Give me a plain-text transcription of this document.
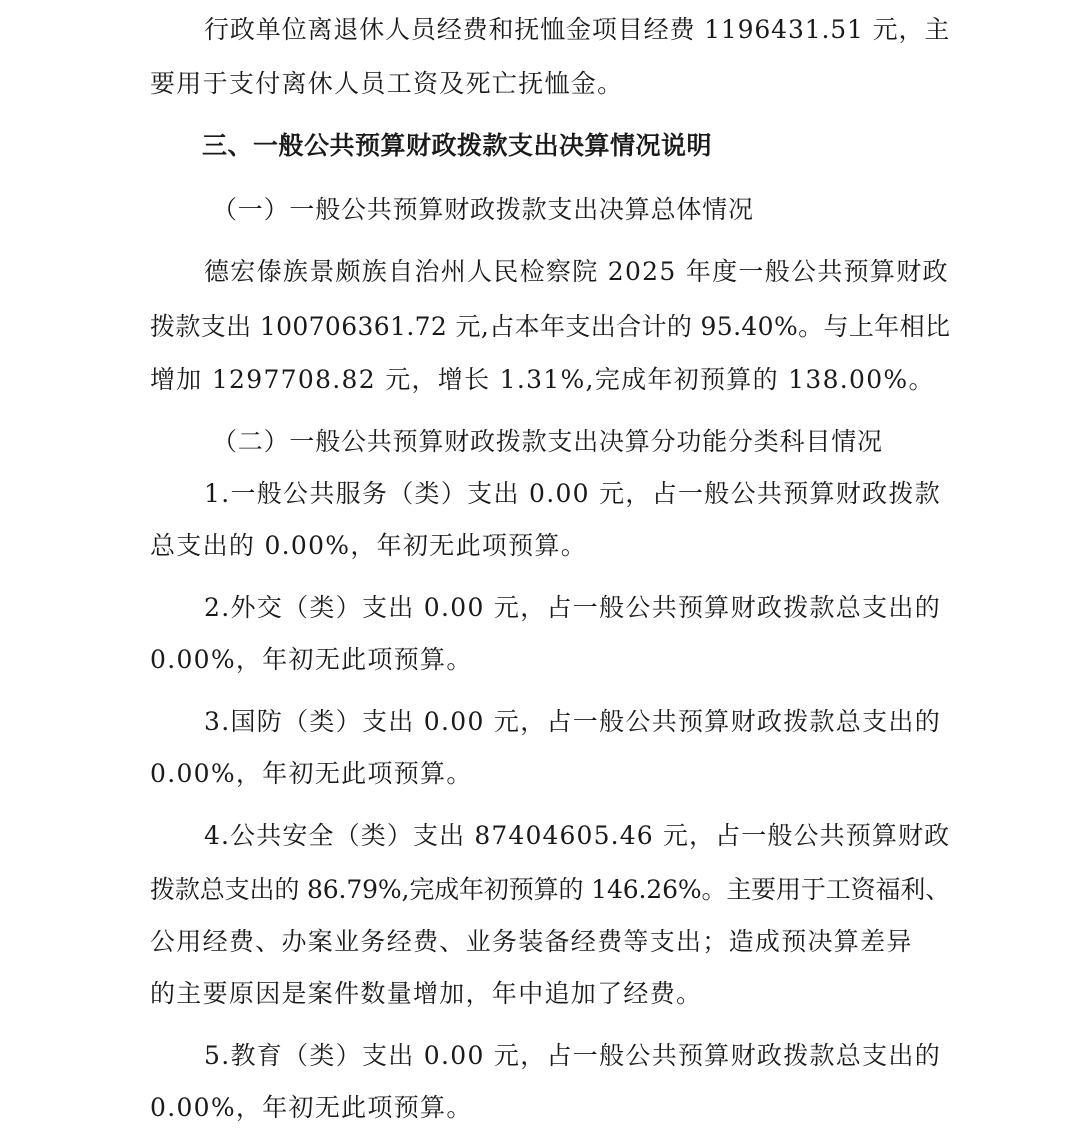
行政单位离退休人员经费和抚恤金项目经费 1196431.51 元，主
要用于支付离休人员工资及死亡抚恤金。
三、一般公共预算财政拨款支出决算情况说明
（一）一般公共预算财政拨款支出决算总体情况
德宏傣族景颇族自治州人民检察院 2025 年度一般公共预算财政
拨款支出 100706361.72 元,占本年支出合计的 95.40%。与上年相比
增加 1297708.82 元，增长 1.31%,完成年初预算的 138.00%。
（二）一般公共预算财政拨款支出决算分功能分类科目情况
1.一般公共服务（类）支出 0.00 元，占一般公共预算财政拨款
总支出的 0.00%，年初无此项预算。
2.外交（类）支出 0.00 元，占一般公共预算财政拨款总支出的
0.00%，年初无此项预算。
3.国防（类）支出 0.00 元，占一般公共预算财政拨款总支出的
0.00%，年初无此项预算。
4.公共安全（类）支出 87404605.46 元，占一般公共预算财政
拨款总支出的 86.79%,完成年初预算的 146.26%。主要用于工资福利、
公用经费、办案业务经费、业务装备经费等支出；造成预决算差异
的主要原因是案件数量增加，年中追加了经费。
5.教育（类）支出 0.00 元，占一般公共预算财政拨款总支出的
0.00%，年初无此项预算。
